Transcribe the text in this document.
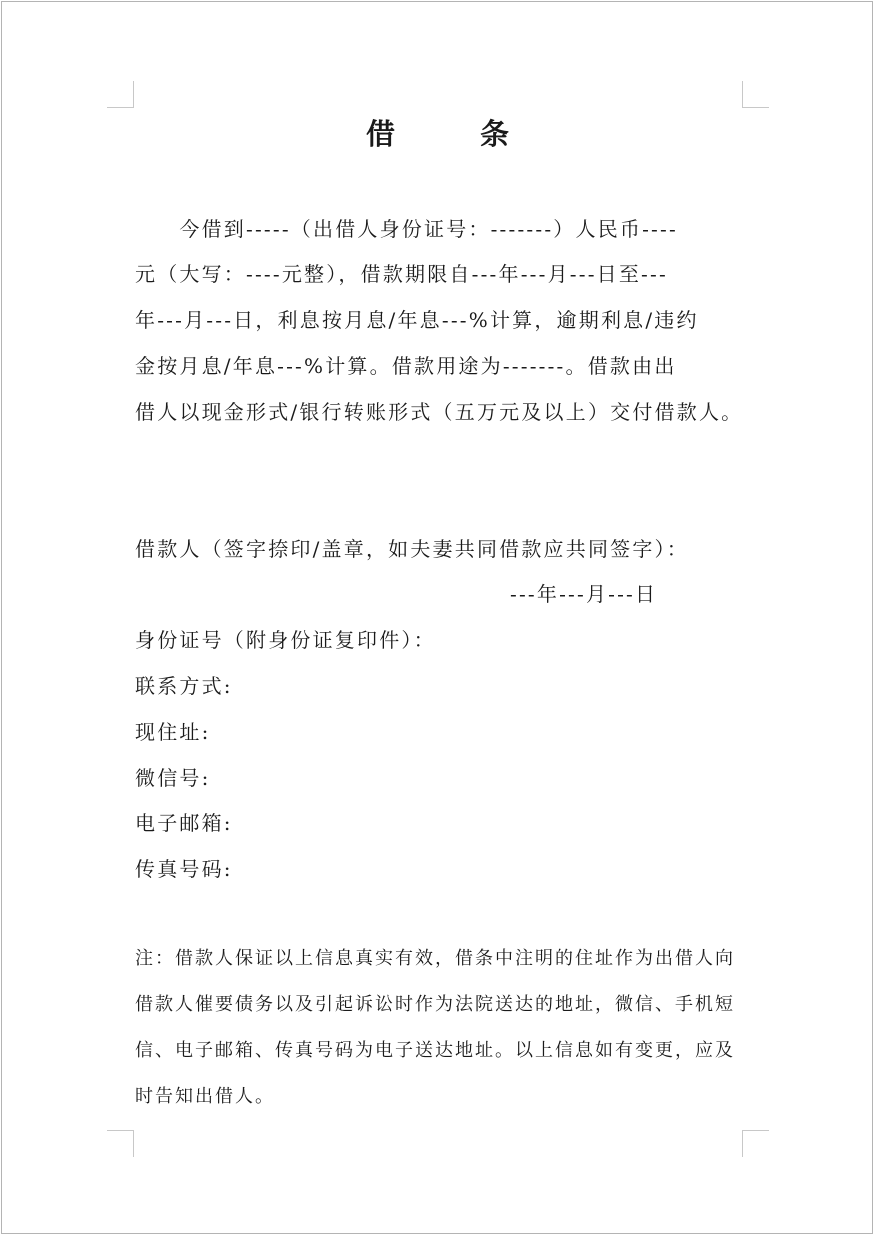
借　条
　　今借到-----（出借人身份证号：-------）人民币----
元（大写：----元整），借款期限自---年---月---日至---
年---月---日，利息按月息/年息---%计算，逾期利息/违约
金按月息/年息---%计算。借款用途为-------。借款由出
借人以现金形式/银行转账形式（五万元及以上）交付借款人。
借款人（签字捺印/盖章，如夫妻共同借款应共同签字）：
---年---月---日
身份证号（附身份证复印件）：
联系方式:
现住址:
微信号:
电子邮箱:
传真号码:
注：借款人保证以上信息真实有效，借条中注明的住址作为出借人向
借款人催要债务以及引起诉讼时作为法院送达的地址，微信、手机短
信、电子邮箱、传真号码为电子送达地址。以上信息如有变更，应及
时告知出借人。
